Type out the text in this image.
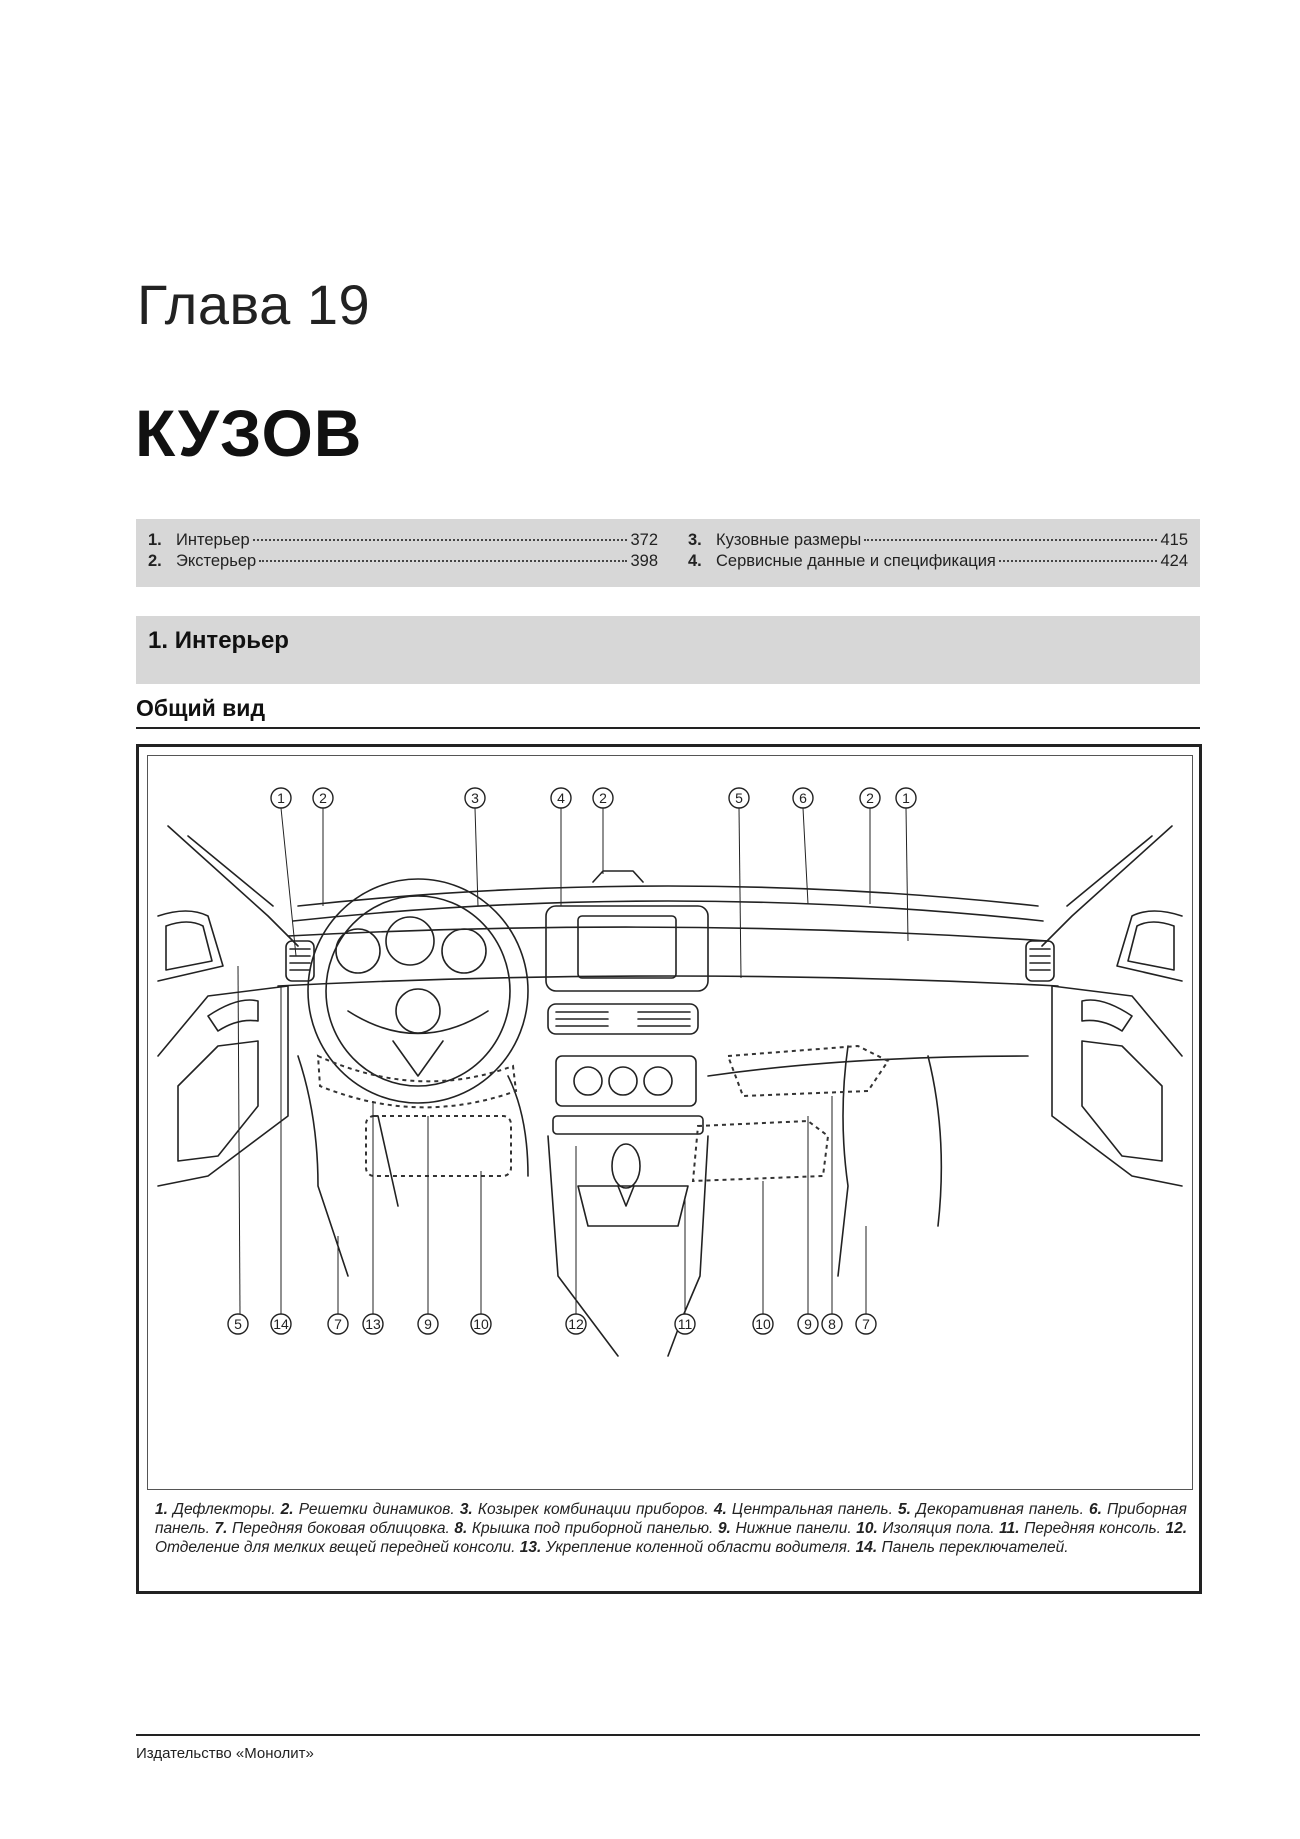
Глава 19
КУЗОВ
1. Интерьер	372
2. Экстерьер	398
3. Кузовные размеры	415
4. Сервисные данные и спецификация	424
1. Интерьер
Общий вид
1 2	3	4 2	5	6	2 1
5 14	7 13	9	10	12	11	10 9 8 7
1. Дефлекторы. 2. Решетки динамиков. 3. Козырек комбинации приборов. 4. Центральная панель. 5. Декоративная панель. 6. Приборная панель. 7. Передняя боковая облицовка. 8. Крышка под приборной панелью. 9. Нижние панели. 10. Изоляция пола. 11. Передняя консоль. 12. Отделение для мелких вещей передней консоли. 13. Укрепление коленной области водителя. 14. Панель переключателей.
Издательство «Монолит»
